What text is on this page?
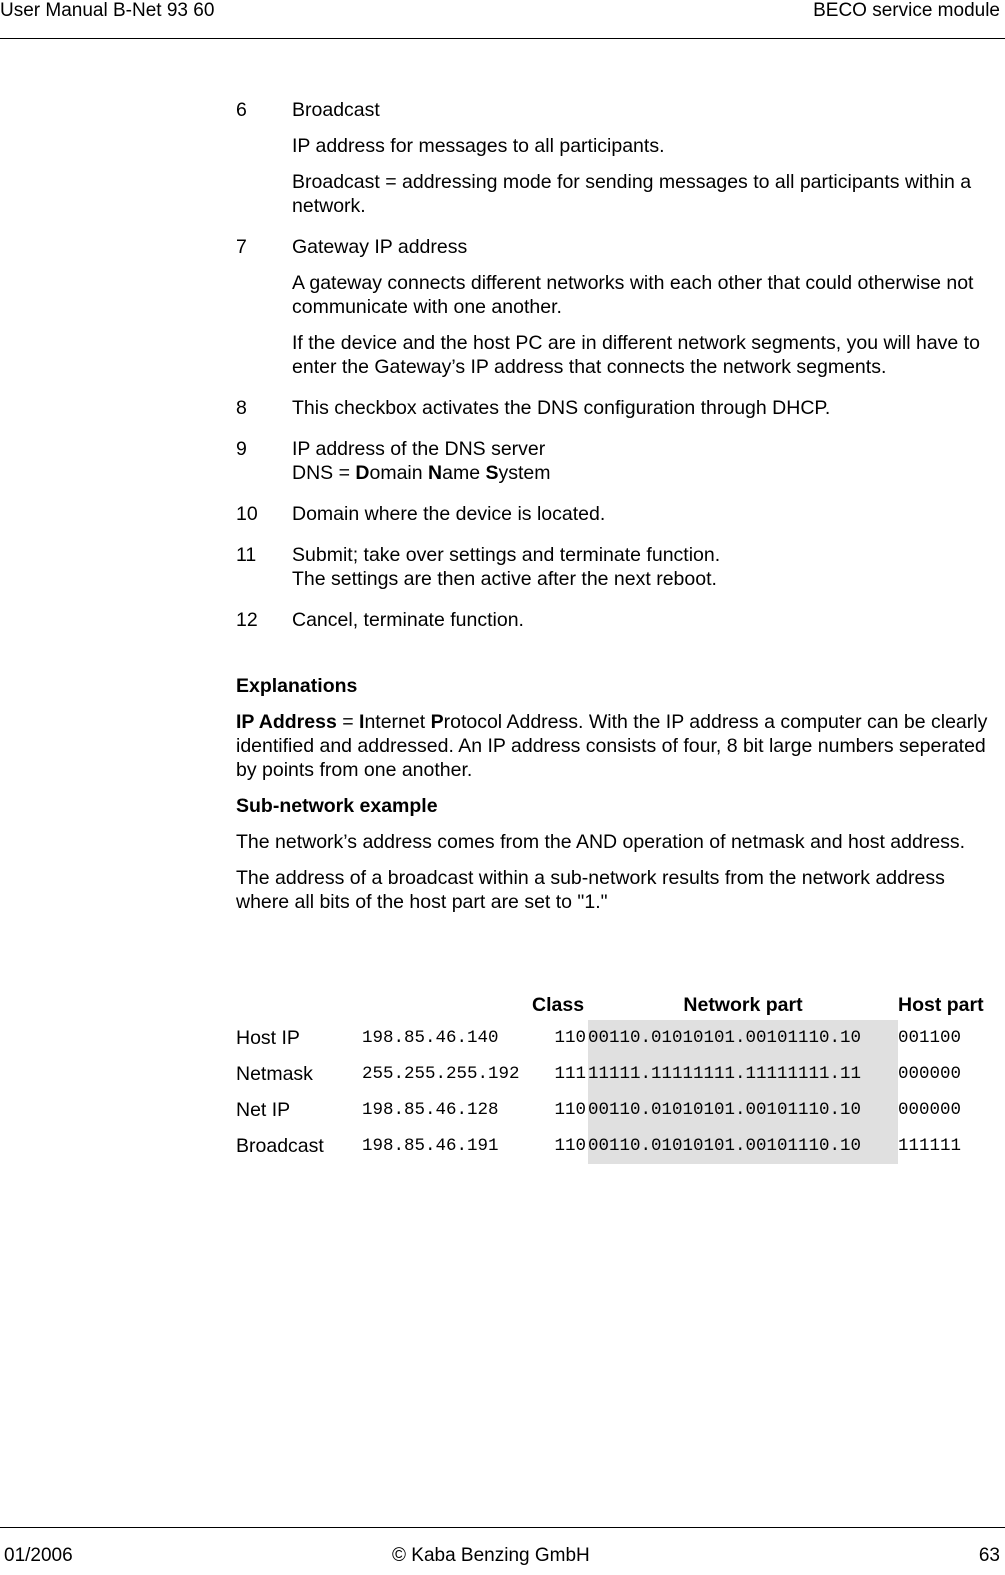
User Manual B-Net 93 60	BECO service module
6 Broadcast

IP address for messages to all participants.

Broadcast = addressing mode for sending messages to all participants within a network.

7 Gateway IP address

A gateway connects different networks with each other that could otherwise not communicate with one another.

If the device and the host PC are in different network segments, you will have to enter the Gateway’s IP address that connects the network segments.

8 This checkbox activates the DNS configuration through DHCP.

9 IP address of the DNS server

DNS = Domain Name System

10 Domain where the device is located.

11 Submit; take over settings and terminate function.

The settings are then active after the next reboot.

12 Cancel, terminate function.

Explanations

IP Address = Internet Protocol Address. With the IP address a computer can be clearly identified and addressed. An IP address consists of four, 8 bit large numbers seperated by points from one another.

Sub-network example

The network’s address comes from the AND operation of netmask and host address.

The address of a broadcast within a sub-network results from the network address where all bits of the host part are set to "1."

		Class	Network part	Host part
Host IP	198.85.46.140	110	00110.01010101.00101110.10	001100
Netmask	255.255.255.192	111	11111.11111111.11111111.11	000000
Net IP	198.85.46.128	110	00110.01010101.00101110.10	000000
Broadcast	198.85.46.191	110	00110.01010101.00101110.10	111111
01/2006	© Kaba Benzing GmbH	63
